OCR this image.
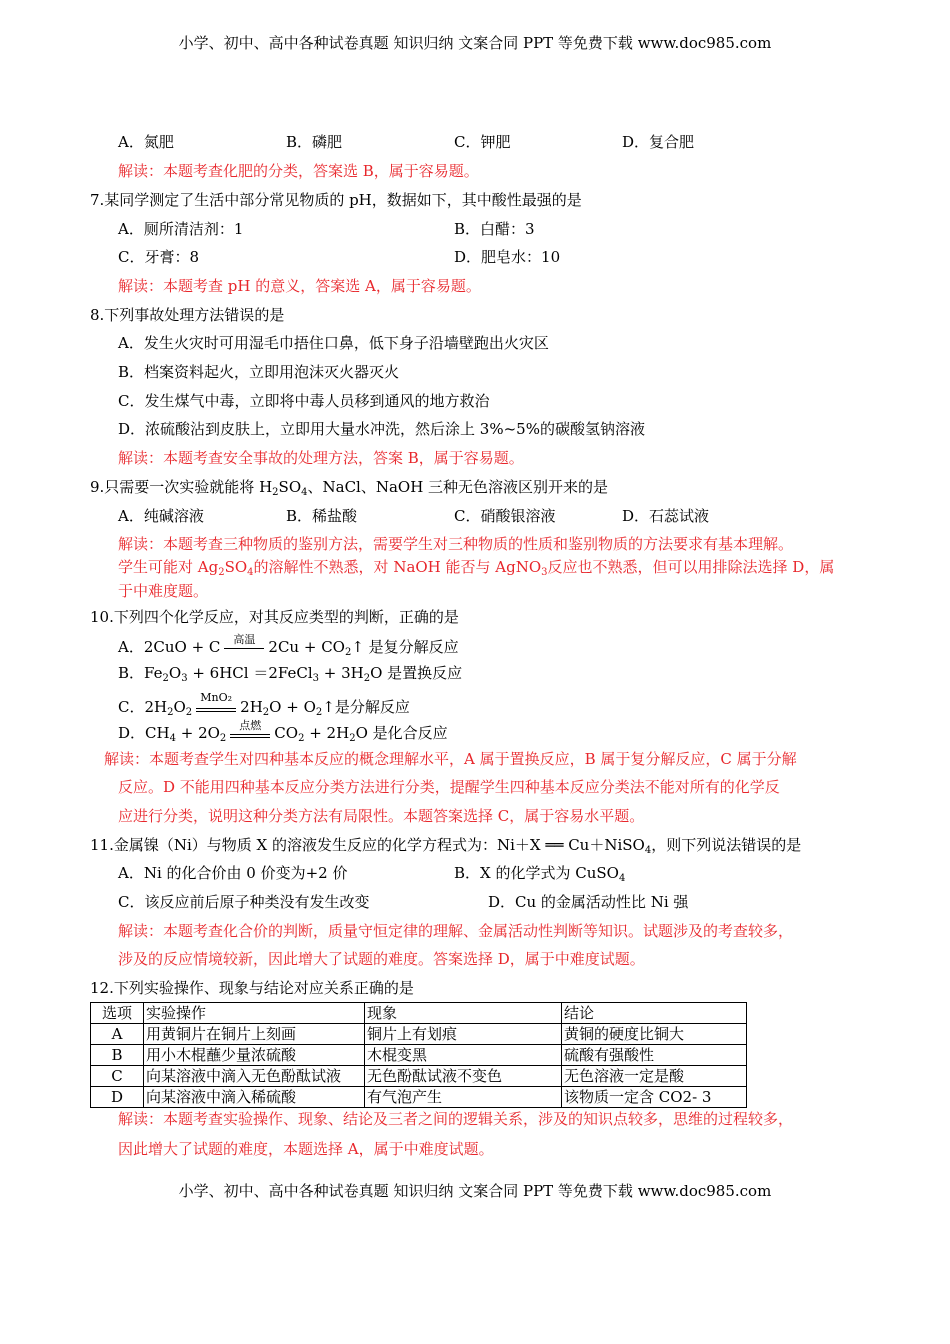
小学、初中、高中各种试卷真题 知识归纳 文案合同 PPT 等免费下载 www.doc985.com
A．氮肥	B．磷肥	C．钾肥	D．复合肥
解读：本题考查化肥的分类，答案选 B，属于容易题。
7.某同学测定了生活中部分常见物质的 pH，数据如下，其中酸性最强的是
A．厕所清洁剂：1	B．白醋：3
C．牙膏：8	D．肥皂水：10
解读：本题考查 pH 的意义，答案选 A，属于容易题。
8.下列事故处理方法错误的是
A．发生火灾时可用湿毛巾捂住口鼻，低下身子沿墙壁跑出火灾区
B．档案资料起火，立即用泡沫灭火器灭火
C．发生煤气中毒，立即将中毒人员移到通风的地方救治
D．浓硫酸沾到皮肤上，立即用大量水冲洗，然后涂上 3%~5%的碳酸氢钠溶液
解读：本题考查安全事故的处理方法，答案 B，属于容易题。
9.只需要一次实验就能将 $H_2SO_4$、NaCl、NaOH 三种无色溶液区别开来的是
A．纯碱溶液	B．稀盐酸	C．硝酸银溶液	D．石蕊试液
解读：本题考查三种物质的鉴别方法，需要学生对三种物质的性质和鉴别物质的方法要求有基本理解。
学生可能对 $Ag_2SO_4$的溶解性不熟悉，对 NaOH 能否与 AgNO$_3$反应也不熟悉，但可以用排除法选择 D，属
于中难度题。
10.下列四个化学反应，对其反应类型的判断，正确的是
A．2CuO + C	高温 $2Cu + CO_2↑$ 是复分解反应
B．$Fe_2O_3 + 6HCl$ ＝2FeCl$_3$ + $3H_2O$ 是置换反应
C．$2H_2O_2$
MnO₂
$2H_2O$ + $O_2↑$是分解反应
D．$CH_4 + 2O_2$
点燃 $CO_2 + 2H_2O$ 是化合反应
解读：本题考查学生对四种基本反应的概念理解水平，A 属于置换反应，B 属于复分解反应，C 属于分解
反应。D 不能用四种基本反应分类方法进行分类，提醒学生四种基本反应分类法不能对所有的化学反
应进行分类，说明这种分类方法有局限性。本题答案选择 C，属于容易水平题。
11.金属镍（Ni）与物质 X 的溶液发生反应的化学方程式为：Ni＋X ══ Cu＋NiSO$_4$，则下列说法错误的是
A．Ni 的化合价由 0 价变为+2 价	B．X 的化学式为 CuSO$_4$
C．该反应前后原子种类没有发生改变	D．Cu 的金属活动性比 Ni 强
解读：本题考查化合价的判断，质量守恒定律的理解、金属活动性判断等知识。试题涉及的考查较多，
涉及的反应情境较新，因此增大了试题的难度。答案选择 D，属于中难度试题。
12.下列实验操作、现象与结论对应关系正确的是
选项	实验操作	现象	结论
A	用黄铜片在铜片上刻画	铜片上有划痕	黄铜的硬度比铜大
B	用小木棍蘸少量浓硫酸	木棍变黑	硫酸有强酸性
C	向某溶液中滴入无色酚酞试液	无色酚酞试液不变色	无色溶液一定是酸
D	向某溶液中滴入稀硫酸	有气泡产生	该物质一定含 CO2- 3
解读：本题考查实验操作、现象、结论及三者之间的逻辑关系，涉及的知识点较多，思维的过程较多，
因此增大了试题的难度，本题选择 A，属于中难度试题。
小学、初中、高中各种试卷真题 知识归纳 文案合同 PPT 等免费下载 www.doc985.com
